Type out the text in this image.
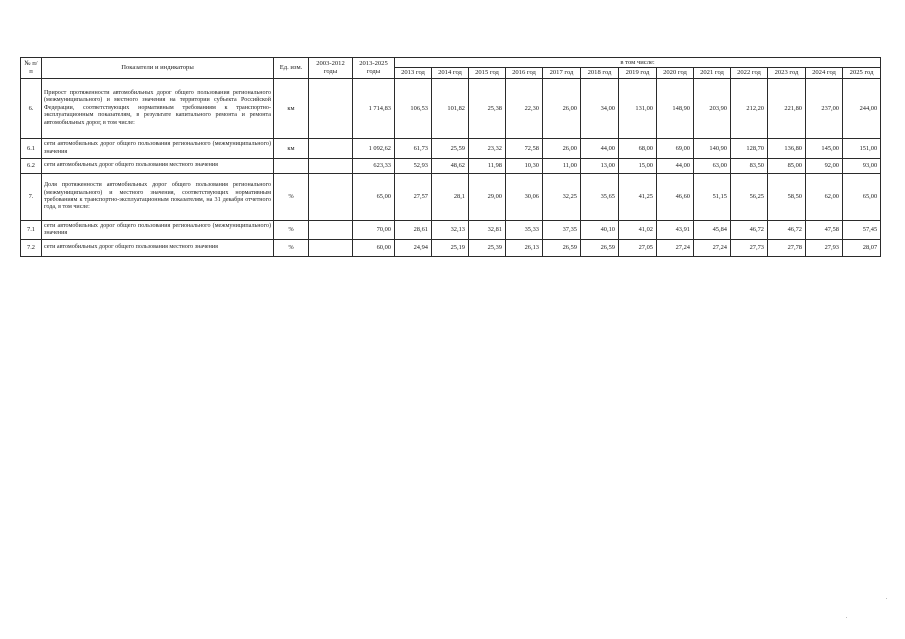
№ п/п	Показатели и индикаторы	Ед. изм.	2003-2012 годы	2013-2025 годы	в том числе:												
					2013 год	2014 год	2015 год	2016 год	2017 год	2018 год	2019 год	2020 год	2021 год	2022 год	2023 год	2024 год	2025 год
6.	Прирост протяженности автомобильных дорог общего пользования регионального (межмуниципального) и местного значения на территории субъекта Российской Федерации, соответствующих нормативным требованиям к транспортно-эксплуатационным показателям, в результате капитального ремонта и ремонта автомобильных дорог, в том числе:	км		1 714,83	106,53	101,82	25,38	22,30	26,00	34,00	131,00	148,90	203,90	212,20	221,80	237,00	244,00
6.1	сети автомобильных дорог общего пользования регионального (межмуниципального) значения	км		1 092,62	61,73	25,59	23,32	72,58	26,00	44,00	68,00	69,00	140,90	128,70	136,80	145,00	151,00
6.2	сети автомобильных дорог общего пользования местного значения			623,33	52,93	48,62	11,98	10,30	11,00	13,00	15,00	44,00	63,00	83,50	85,00	92,00	93,00
7.	Доля протяженности автомобильных дорог общего пользования регионального (межмуниципального) и местного значения, соответствующих нормативным требованиям к транспортно-эксплуатационным показателям, на 31 декабря отчетного года, в том числе:	%		65,00	27,57	28,1	29,00	30,06	32,25	35,65	41,25	46,60	51,15	56,25	58,50	62,00	65,00
7.1	сети автомобильных дорог общего пользования регионального (межмуниципального) значения	%		70,00	28,61	32,13	32,81	35,33	37,35	40,10	41,02	43,91	45,84	46,72	46,72	47,58	57,45
7.2	сети автомобильных дорог общего пользования местного значения	%		60,00	24,94	25,19	25,39	26,13	26,59	26,59	27,05	27,24	27,24	27,73	27,78	27,93	28,07
